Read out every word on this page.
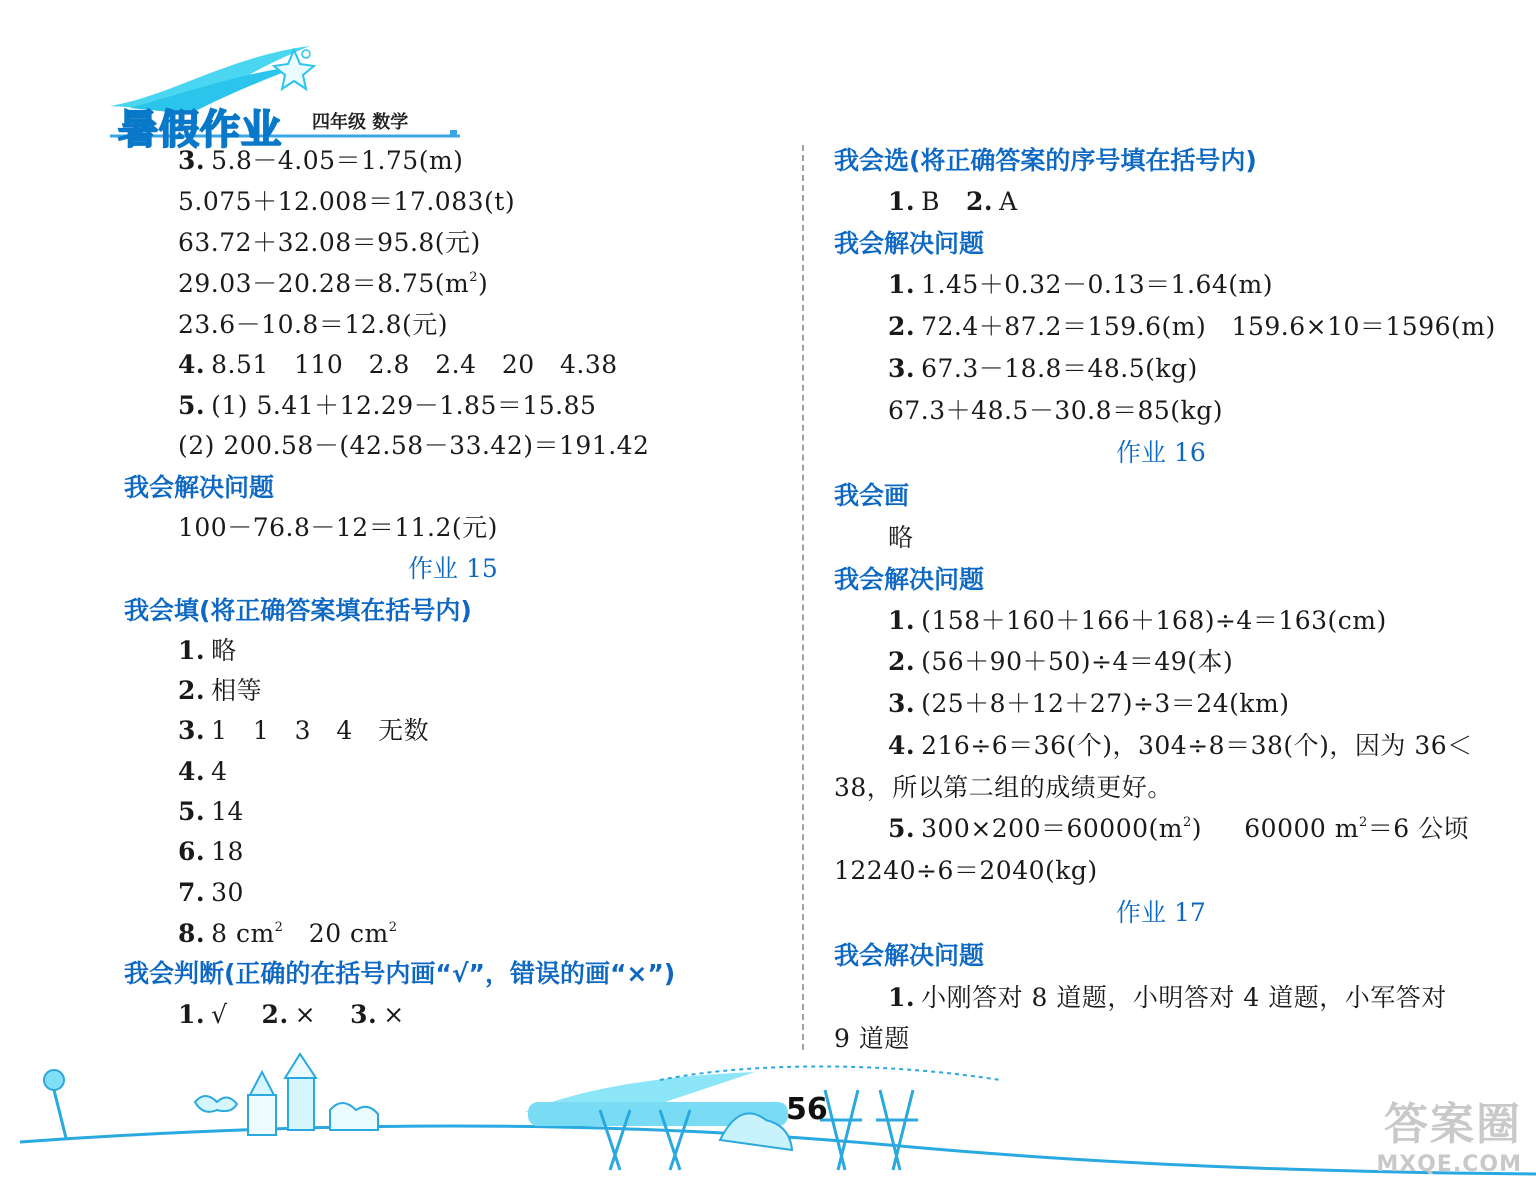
暑假作业 四年级 数学
3. 5.8－4.05＝1.75(m)
5.075＋12.008＝17.083(t)
63.72＋32.08＝95.8(元)
$29.03-20.28=8.75(m^2)$
23.6－10.8＝12.8(元)
4. 8.51   110   2.8   2.4   20   4.38
5. (1) 5.41＋12.29－1.85＝15.85
(2) 200.58－(42.58－33.42)＝191.42
我会解决问题
100－76.8－12＝11.2(元)
作业 15
我会填(将正确答案填在括号内)
1. 略
2. 相等
3. 1   1   3   4   无数
4. 4
5. 14
6. 18
7. 30
8. 8 $cm^2$   20 $cm^2$
我会判断(正确的在括号内画“√”，错误的画“×”)
1. √ 2. × 3. ×
我会选(将正确答案的序号填在括号内)
1. B 2. A
我会解决问题
1. 1.45＋0.32－0.13＝1.64(m)
2. 72.4＋87.2＝159.6(m)   159.6×10＝1596(m)
3. 67.3－18.8＝48.5(kg)
67.3＋48.5－30.8＝85(kg)
作业 16
我会画
略
我会解决问题
1. (158＋160＋166＋168)÷4＝163(cm)
2. (56＋90＋50)÷4＝49(本)
3. (25＋8＋12＋27)÷3＝24(km)
4. 216÷6＝36(个)，304÷8＝38(个)，因为 36＜
38，所以第二组的成绩更好。
5. $300\times 200=60000(m^2)$     60000 $m^2=6$ 公顷
12240÷6＝2040(kg)
作业 17
我会解决问题
1. 小刚答对 8 道题，小明答对 4 道题，小军答对
9 道题
56	答案圈
MXQE.COM
